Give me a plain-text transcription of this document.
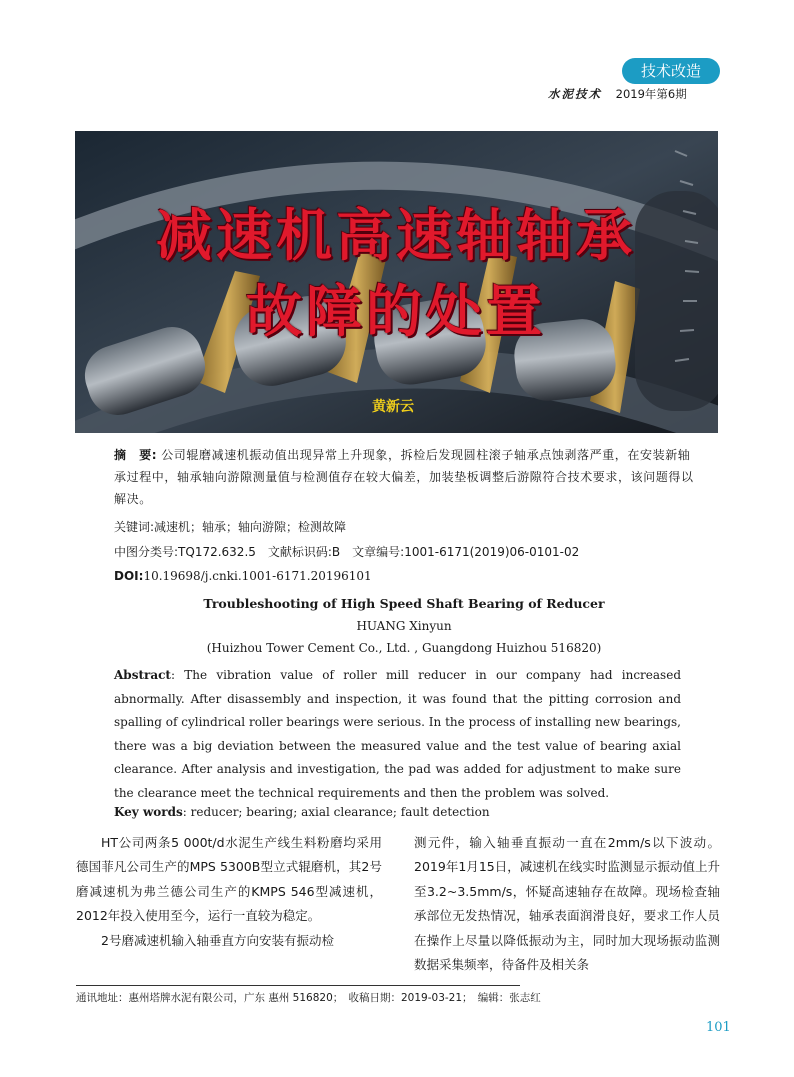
技术改造
水泥技术 2019年第6期
减速机高速轴轴承
故障的处置
黄新云
摘　要: 公司辊磨减速机振动值出现异常上升现象，拆检后发现圆柱滚子轴承点蚀剥落严重，在安装新轴承过程中，轴承轴向游隙测量值与检测值存在较大偏差，加装垫板调整后游隙符合技术要求，该问题得以解决。
关键词:减速机；轴承；轴向游隙；检测故障
中图分类号:TQ172.632.5　文献标识码:B　文章编号:1001-6171(2019)06-0101-02
DOI:10.19698/j.cnki.1001-6171.20196101
Troubleshooting of High Speed Shaft Bearing of Reducer
HUANG Xinyun
(Huizhou Tower Cement Co., Ltd. , Guangdong Huizhou 516820)
Abstract: The vibration value of roller mill reducer in our company had increased abnormally. After disassembly and inspection, it was found that the pitting corrosion and spalling of cylindrical roller bearings were serious. In the process of installing new bearings, there was a big deviation between the measured value and the test value of bearing axial clearance. After analysis and investigation, the pad was added for adjustment to make sure the clearance meet the technical requirements and then the problem was solved.
Key words: reducer; bearing; axial clearance; fault detection

HT公司两条5 000t/d水泥生产线生料粉磨均采用德国菲凡公司生产的MPS 5300B型立式辊磨机，其2号磨减速机为弗兰德公司生产的KMPS 546型减速机，2012年投入使用至今，运行一直较为稳定。

2号磨减速机输入轴垂直方向安装有振动检

测元件，输入轴垂直振动一直在2mm/s以下波动。2019年1月15日，减速机在线实时监测显示振动值上升至3.2~3.5mm/s，怀疑高速轴存在故障。现场检查轴承部位无发热情况，轴承表面润滑良好，要求工作人员在操作上尽量以降低振动为主，同时加大现场振动监测数据采集频率，待备件及相关条

通讯地址：惠州塔牌水泥有限公司，广东 惠州 516820；　收稿日期：2019-03-21；　编辑：张志红
101
